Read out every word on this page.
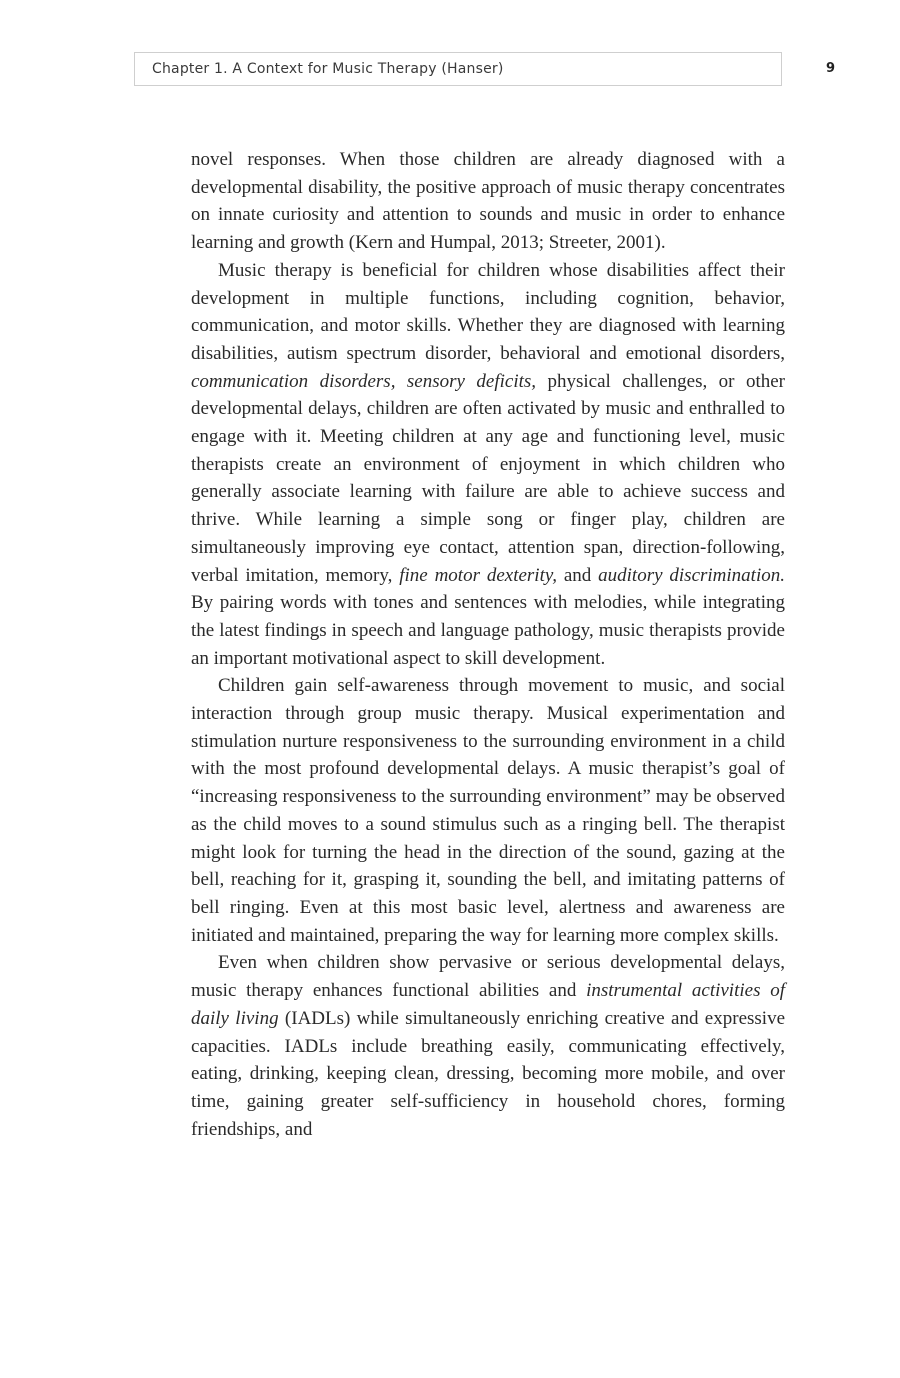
Chapter 1. A Context for Music Therapy (Hanser)	9

novel responses. When those children are already diagnosed with a developmental disability, the positive approach of music therapy concentrates on innate curiosity and attention to sounds and music in order to enhance learning and growth (Kern and Humpal, 2013; Streeter, 2001).

Music therapy is beneficial for children whose disabilities affect their development in multiple functions, including cognition, behavior, communication, and motor skills. Whether they are diagnosed with learning disabilities, autism spectrum disorder, behavioral and emotional disorders, communication disorders, sensory deficits, physical challenges, or other developmental delays, children are often activated by music and enthralled to engage with it. Meeting children at any age and functioning level, music therapists create an environment of enjoyment in which children who generally associate learning with failure are able to achieve success and thrive. While learning a simple song or finger play, children are simultaneously improving eye contact, attention span, direction-following, verbal imitation, memory, fine motor dexterity, and auditory discrimination. By pairing words with tones and sentences with melodies, while integrating the latest findings in speech and language pathology, music therapists provide an important motivational aspect to skill development.

Children gain self-awareness through movement to music, and social interaction through group music therapy. Musical experimentation and stimulation nurture responsiveness to the surrounding environment in a child with the most profound developmental delays. A music therapist’s goal of “increasing responsiveness to the surrounding environment” may be observed as the child moves to a sound stimulus such as a ringing bell. The therapist might look for turning the head in the direction of the sound, gazing at the bell, reaching for it, grasping it, sounding the bell, and imitating patterns of bell ringing. Even at this most basic level, alertness and awareness are initiated and maintained, preparing the way for learning more complex skills.

Even when children show pervasive or serious developmental delays, music therapy enhances functional abilities and instrumental activities of daily living (IADLs) while simultaneously enriching creative and expressive capacities. IADLs include breathing easily, communicating effectively, eating, drinking, keeping clean, dressing, becoming more mobile, and over time, gaining greater self-sufficiency in household chores, forming friendships, and
